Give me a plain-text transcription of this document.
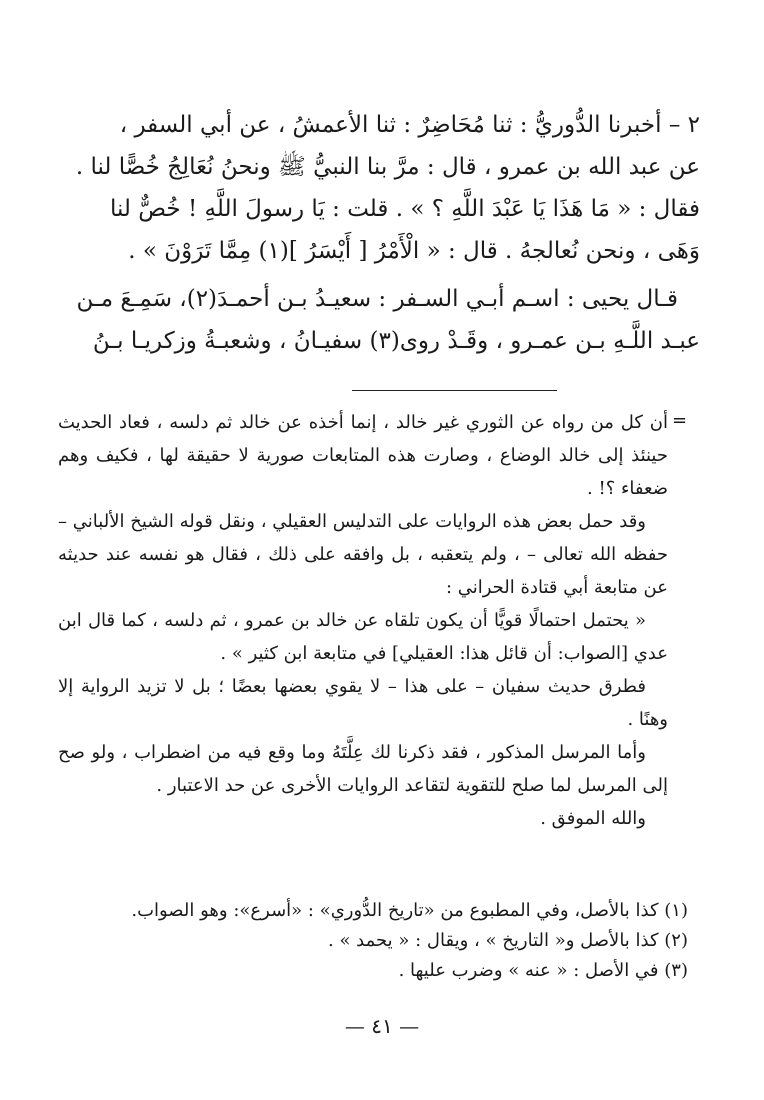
٢ – أخبرنا الدُّوريُّ : ثنا مُحَاضِرٌ : ثنا الأعمشُ ، عن أبي السفر ،

عن عبد الله بن عمرو ، قال : مرَّ بنا النبيُّ ﷺ ونحنُ نُعَالِجُ خُصًّا لنا .

فقال : « مَا هَذَا يَا عَبْدَ اللَّهِ ؟ » . قلت : يَا رسولَ اللَّهِ ! خُصٌّ لنا

وَهَى ، ونحن نُعالجهُ . قال : « الْأَمْرُ [ أَيْسَرُ ](١) مِمَّا تَرَوْنَ » .

قـال يحيى : اسـم أبـي السـفر : سعيـدُ بـن أحمـدَ(٢)، سَمِـعَ مـن

عبـد اللَّـهِ بـن عمـرو ، وقَـدْ روى(٣) سفيـانُ ، وشعبـةُ وزكريـا بـنُ

=

أن كل من رواه عن الثوري غير خالد ، إنما أخذه عن خالد ثم دلسه ، فعاد الحديث حينئذ إلى خالد الوضاع ، وصارت هذه المتابعات صورية لا حقيقة لها ، فكيف وهم ضعفاء ؟! .

وقد حمل بعض هذه الروايات على التدليس العقيلي ، ونقل قوله الشيخ الألباني – حفظه الله تعالى – ، ولم يتعقبه ، بل وافقه على ذلك ، فقال هو نفسه عند حديثه عن متابعة أبي قتادة الحراني :

« يحتمل احتمالًا قويًّا أن يكون تلقاه عن خالد بن عمرو ، ثم دلسه ، كما قال ابن عدي [الصواب: أن قائل هذا: العقيلي] في متابعة ابن كثير » .

فطرق حديث سفيان – على هذا – لا يقوي بعضها بعضًا ؛ بل لا تزيد الرواية إلا وهنًا .

وأما المرسل المذكور ، فقد ذكرنا لك عِلَّتَهُ وما وقع فيه من اضطراب ، ولو صح إلى المرسل لما صلح للتقوية لتقاعد الروايات الأخرى عن حد الاعتبار .

والله الموفق .

(١) كذا بالأصل، وفي المطبوع من «تاريخ الدُّوري» : «أسرع»: وهو الصواب.

(٢) كذا بالأصل و« التاريخ » ، ويقال : « يحمد » .

(٣) في الأصل : « عنه » وضرب عليها .

— ٤١ —
